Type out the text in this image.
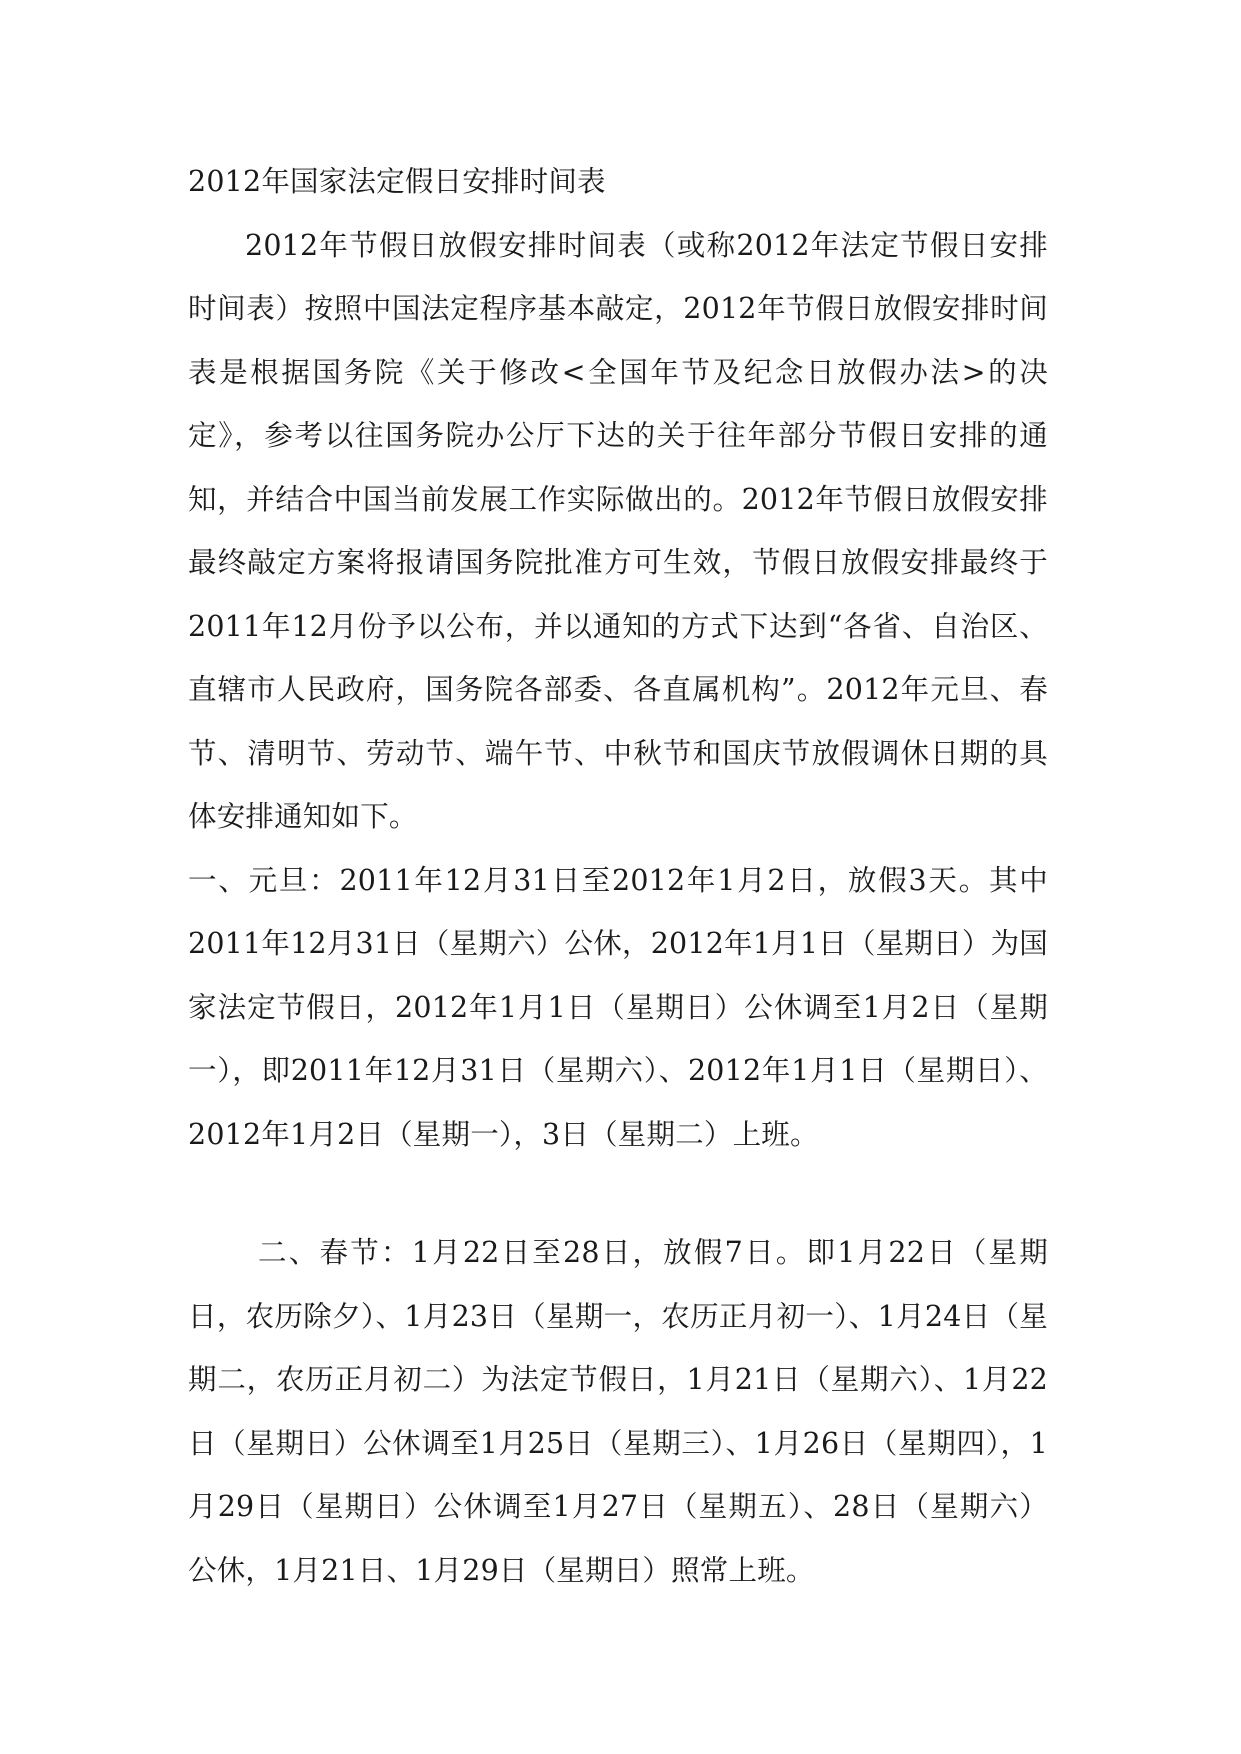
2012年国家法定假日安排时间表

2012年节假日放假安排时间表（或称2012年法定节假日安排时间表）按照中国法定程序基本敲定，2012年节假日放假安排时间表是根据国务院《关于修改<全国年节及纪念日放假办法>的决定》，参考以往国务院办公厅下达的关于往年部分节假日安排的通知，并结合中国当前发展工作实际做出的。2012年节假日放假安排最终敲定方案将报请国务院批准方可生效，节假日放假安排最终于2011年12月份予以公布，并以通知的方式下达到“各省、自治区、直辖市人民政府，国务院各部委、各直属机构”。2012年元旦、春节、清明节、劳动节、端午节、中秋节和国庆节放假调休日期的具体安排通知如下。

一、元旦：2011年12月31日至2012年1月2日，放假3天。其中2011年12月31日（星期六）公休，2012年1月1日（星期日）为国家法定节假日，2012年1月1日（星期日）公休调至1月2日（星期一），即2011年12月31日（星期六）、2012年1月1日（星期日）、2012年1月2日（星期一），3日（星期二）上班。

二、春节：1月22日至28日，放假7日。即1月22日（星期日，农历除夕）、1月23日（星期一，农历正月初一）、1月24日（星期二，农历正月初二）为法定节假日，1月21日（星期六）、1月22日（星期日）公休调至1月25日（星期三）、1月26日（星期四），1月29日（星期日）公休调至1月27日（星期五）、28日（星期六）公休，1月21日、1月29日（星期日）照常上班。
